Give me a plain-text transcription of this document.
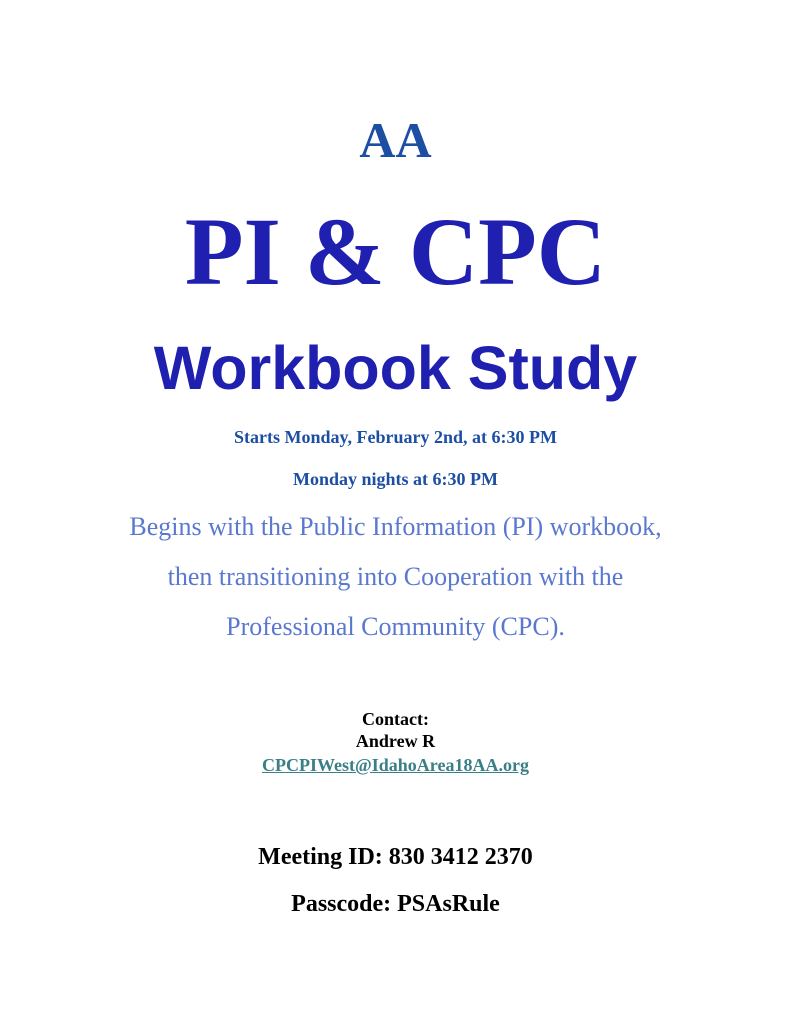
AA
PI & CPC
Workbook Study
Starts Monday, February 2nd, at 6:30 PM
Monday nights at 6:30 PM
Begins with the Public Information (PI) workbook,
then transitioning into Cooperation with the
Professional Community (CPC).
Contact:
Andrew R
CPCPIWest@IdahoArea18AA.org
Meeting ID: 830 3412 2370
Passcode: PSAsRule
